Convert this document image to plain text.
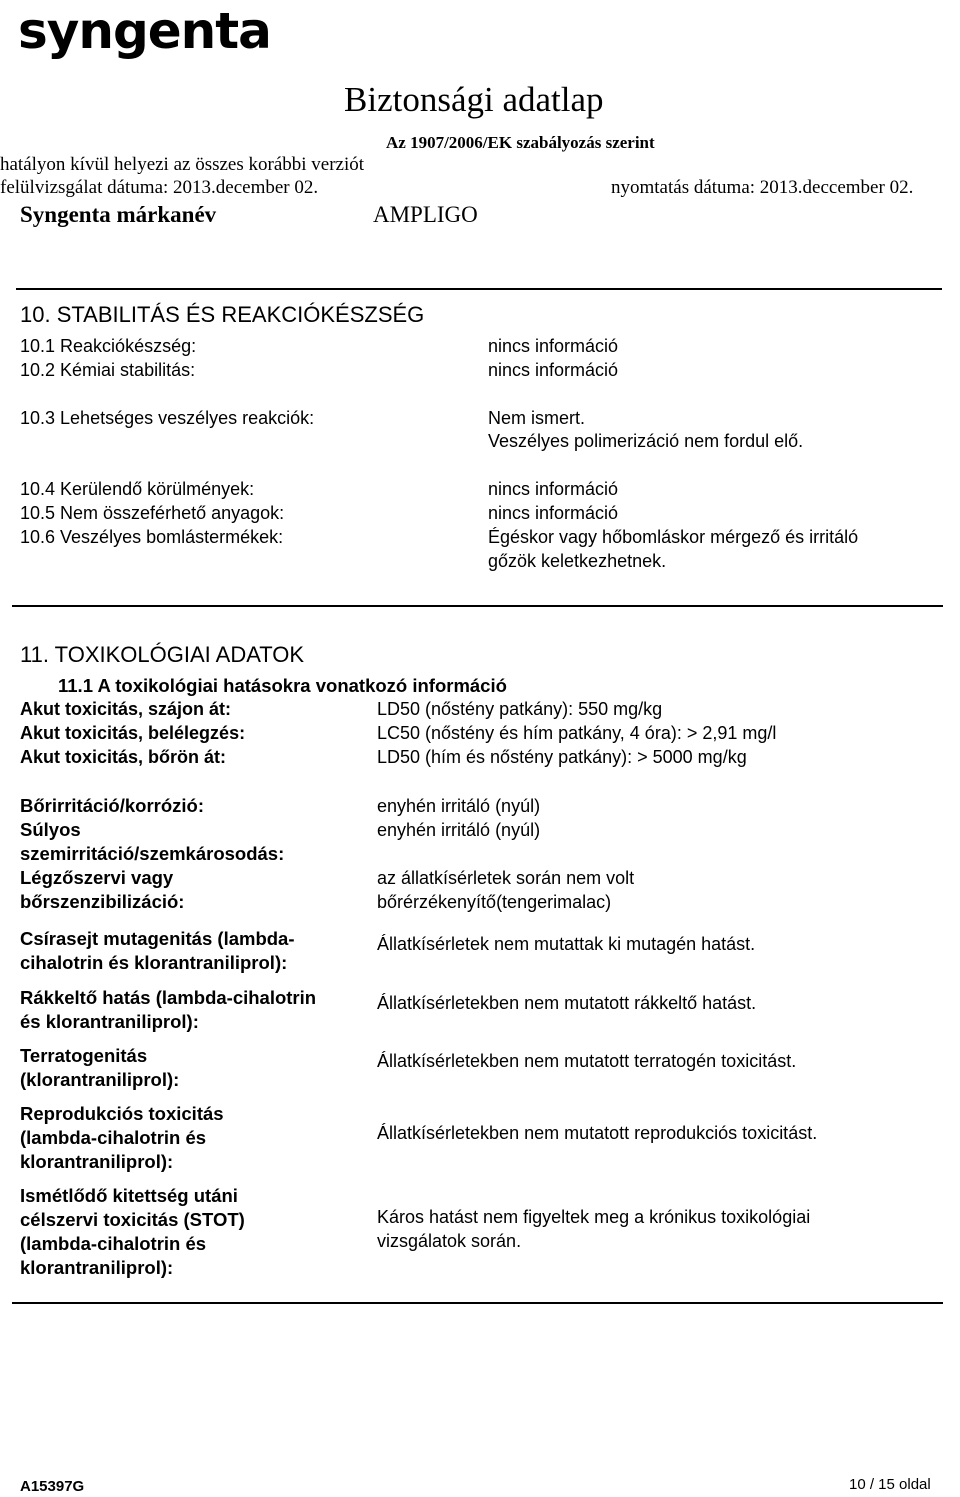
syngenta
Biztonsági adatlap
Az 1907/2006/EK szabályozás szerint
hatályon kívül helyezi az összes korábbi verziót
felülvizsgálat dátuma: 2013.december 02.	nyomtatás dátuma: 2013.deccember 02.
Syngenta márkanév	AMPLIGO
10. STABILITÁS ÉS REAKCIÓKÉSZSÉG
10.1 Reakciókészség:	nincs információ
10.2 Kémiai stabilitás:	nincs információ
10.3 Lehetséges veszélyes reakciók:	Nem ismert.
Veszélyes polimerizáció nem fordul elő.
10.4 Kerülendő körülmények:	nincs információ
10.5 Nem összeférhető anyagok:	nincs információ
10.6 Veszélyes bomlástermékek:	Égéskor vagy hőbomláskor mérgező és irritáló
gőzök keletkezhetnek.
11. TOXIKOLÓGIAI ADATOK
11.1 A toxikológiai hatásokra vonatkozó információ
Akut toxicitás, szájon át:	LD50 (nőstény patkány): 550 mg/kg
Akut toxicitás, belélegzés:	LC50 (nőstény és hím patkány, 4 óra): > 2,91 mg/l
Akut toxicitás, bőrön át:	LD50 (hím és nőstény patkány): > 5000 mg/kg
Bőrirritáció/korrózió:	enyhén irritáló (nyúl)
Súlyos szemirritáció/szemkárosodás:
enyhén irritáló (nyúl)
Légzőszervi vagy bőrszenzibilizáció:
az állatkísérletek során nem volt bőrérzékenyítő(tengerimalac)
Csírasejt mutagenitás (lambda-cihalotrin és klorantraniliprol):
Állatkísérletek nem mutattak ki mutagén hatást.
Rákkeltő hatás (lambda-cihalotrin és klorantraniliprol):
Állatkísérletekben nem mutatott rákkeltő hatást.
Terratogenitás (klorantraniliprol):
Állatkísérletekben nem mutatott terratogén toxicitást.
Reprodukciós toxicitás (lambda-cihalotrin és klorantraniliprol):
Állatkísérletekben nem mutatott reprodukciós toxicitást.
Ismétlődő kitettség utáni célszervi toxicitás (STOT) (lambda-cihalotrin és klorantraniliprol):
Káros hatást nem figyeltek meg a krónikus toxikológiai vizsgálatok során.
A15397G	10 / 15 oldal
